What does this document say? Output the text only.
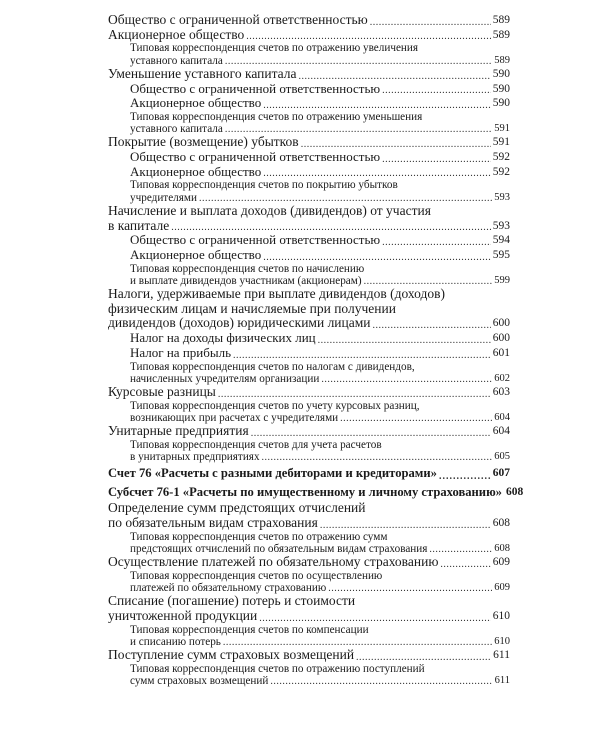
Общество с ограниченной ответственностью . . .	589
Акционерное общество . . .	589
Типовая корреспонденция счетов по отражению увеличения
уставного капитала . . .	589
Уменьшение уставного капитала . . .	590
Общество с ограниченной ответственностью . . .	590
Акционерное общество . . .	590
Типовая корреспонденция счетов по отражению уменьшения
уставного капитала . . .	591
Покрытие (возмещение) убытков . . .	591
Общество с ограниченной ответственностью . . .	592
Акционерное общество . . .	592
Типовая корреспонденция счетов по покрытию убытков
учредителями . . .	593
Начисление и выплата доходов (дивидендов) от участия
в капитале . . .	593
Общество с ограниченной ответственностью . . .	594
Акционерное общество . . .	595
Типовая корреспонденция счетов по начислению
и выплате дивидендов участникам (акционерам) . . .	599
Налоги, удерживаемые при выплате дивидендов (доходов)
физическим лицам и начисляемые при получении
дивидендов (доходов) юридическими лицами . . .	600
Налог на доходы физических лиц . . .	600
Налог на прибыль . . .	601
Типовая корреспонденция счетов по налогам с дивидендов,
начисленных учредителям организации . . .	602
Курсовые разницы . . .	603
Типовая корреспонденция счетов по учету курсовых разниц,
возникающих при расчетах с учредителями . . .	604
Унитарные предприятия . . .	604
Типовая корреспонденция счетов для учета расчетов
в унитарных предприятиях . . .	605
Счет 76 «Расчеты с разными дебиторами и кредиторами» .....	607
Субсчет 76-1 «Расчеты по имущественному и личному страхованию» 608
Определение сумм предстоящих отчислений
по обязательным видам страхования . . .	608
Типовая корреспонденция счетов по отражению сумм
предстоящих отчислений по обязательным видам страхования . . .	608
Осуществление платежей по обязательному страхованию . . .	609
Типовая корреспонденция счетов по осуществлению
платежей по обязательному страхованию . . .	609
Списание (погашение) потерь и стоимости
уничтоженной продукции . . .	610
Типовая корреспонденция счетов по компенсации
и списанию потерь . . .	610
Поступление сумм страховых возмещений . . .	611
Типовая корреспонденция счетов по отражению поступлений
сумм страховых возмещений . . .	611
